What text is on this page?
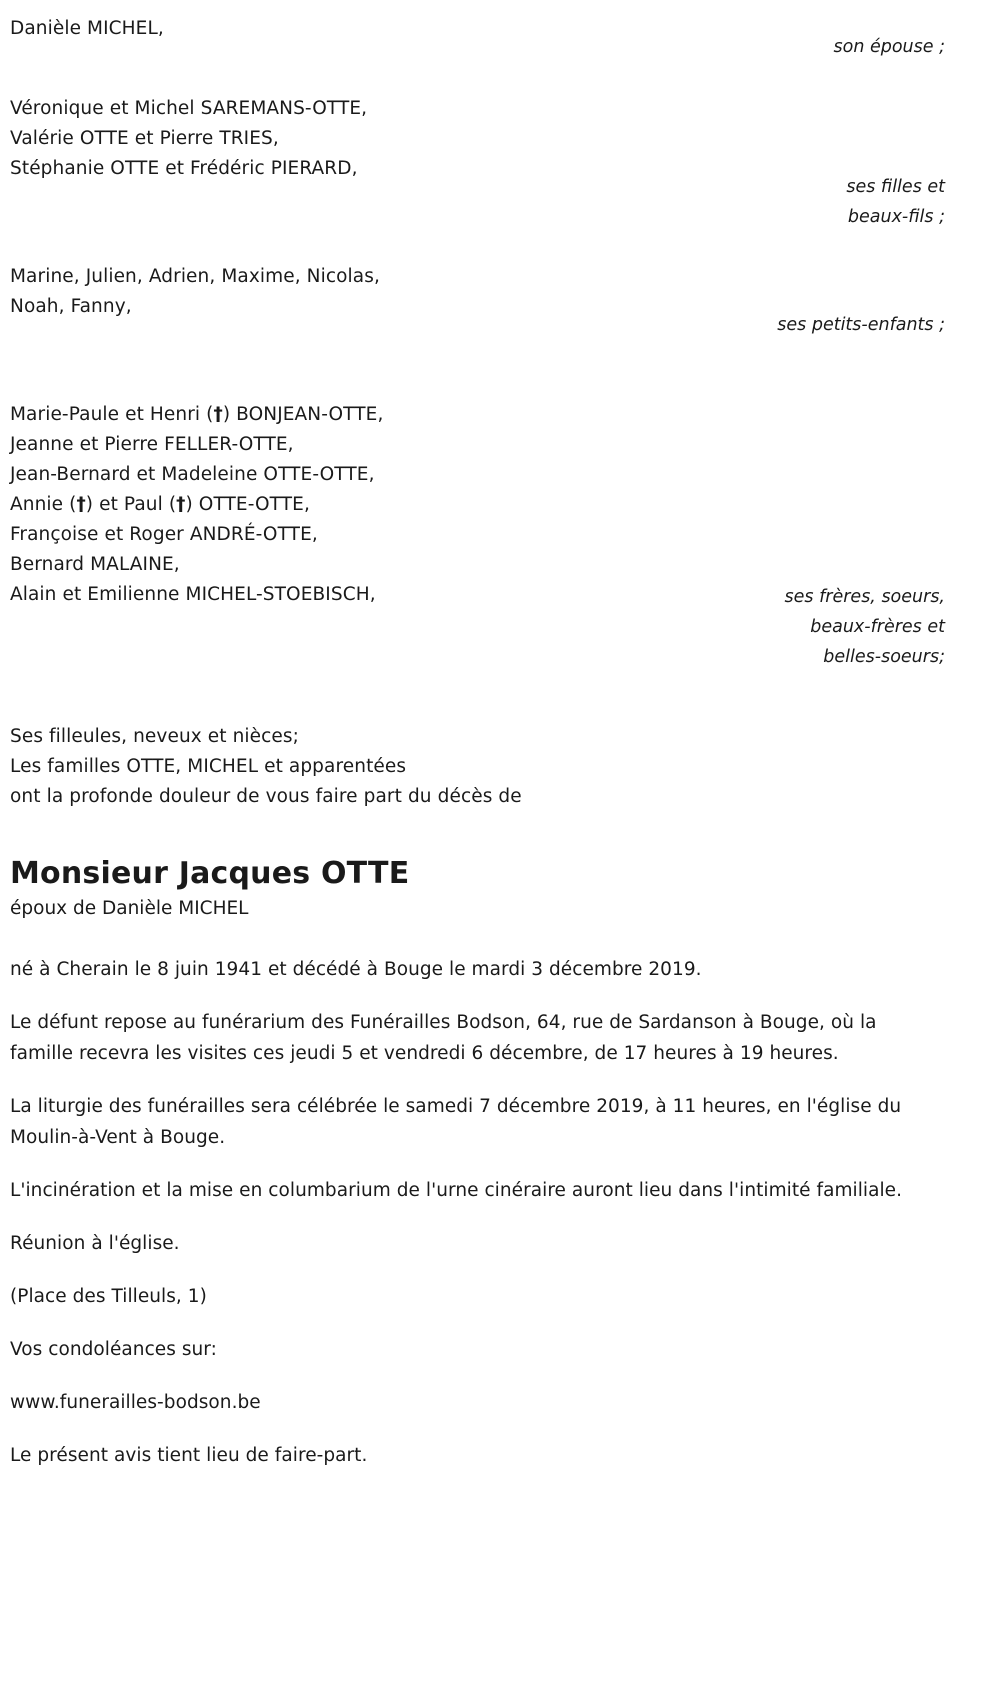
Danièle MICHEL,
son épouse ;
Véronique et Michel SAREMANS-OTTE,
Valérie OTTE et Pierre TRIES,
Stéphanie OTTE et Frédéric PIERARD,
ses filles et
beaux-fils ;
Marine, Julien, Adrien, Maxime, Nicolas,
Noah, Fanny,
ses petits-enfants ;
Marie-Paule et Henri (†) BONJEAN-OTTE,
Jeanne et Pierre FELLER-OTTE,
Jean-Bernard et Madeleine OTTE-OTTE,
Annie (†) et Paul (†) OTTE-OTTE,
Françoise et Roger ANDRÉ-OTTE,
Bernard MALAINE,
Alain et Emilienne MICHEL-STOEBISCH,	ses frères, soeurs,
beaux-frères et
belles-soeurs;
Ses filleules, neveux et nièces;
Les familles OTTE, MICHEL et apparentées
ont la profonde douleur de vous faire part du décès de
Monsieur Jacques OTTE
époux de Danièle MICHEL

né à Cherain le 8 juin 1941 et décédé à Bouge le mardi 3 décembre 2019.

Le défunt repose au funérarium des Funérailles Bodson, 64, rue de Sardanson à Bouge, où la famille recevra les visites ces jeudi 5 et vendredi 6 décembre, de 17 heures à 19 heures.

La liturgie des funérailles sera célébrée le samedi 7 décembre 2019, à 11 heures, en l'église du Moulin-à-Vent à Bouge.

L'incinération et la mise en columbarium de l'urne cinéraire auront lieu dans l'intimité familiale.

Réunion à l'église.

(Place des Tilleuls, 1)

Vos condoléances sur:

www.funerailles-bodson.be

Le présent avis tient lieu de faire-part.
